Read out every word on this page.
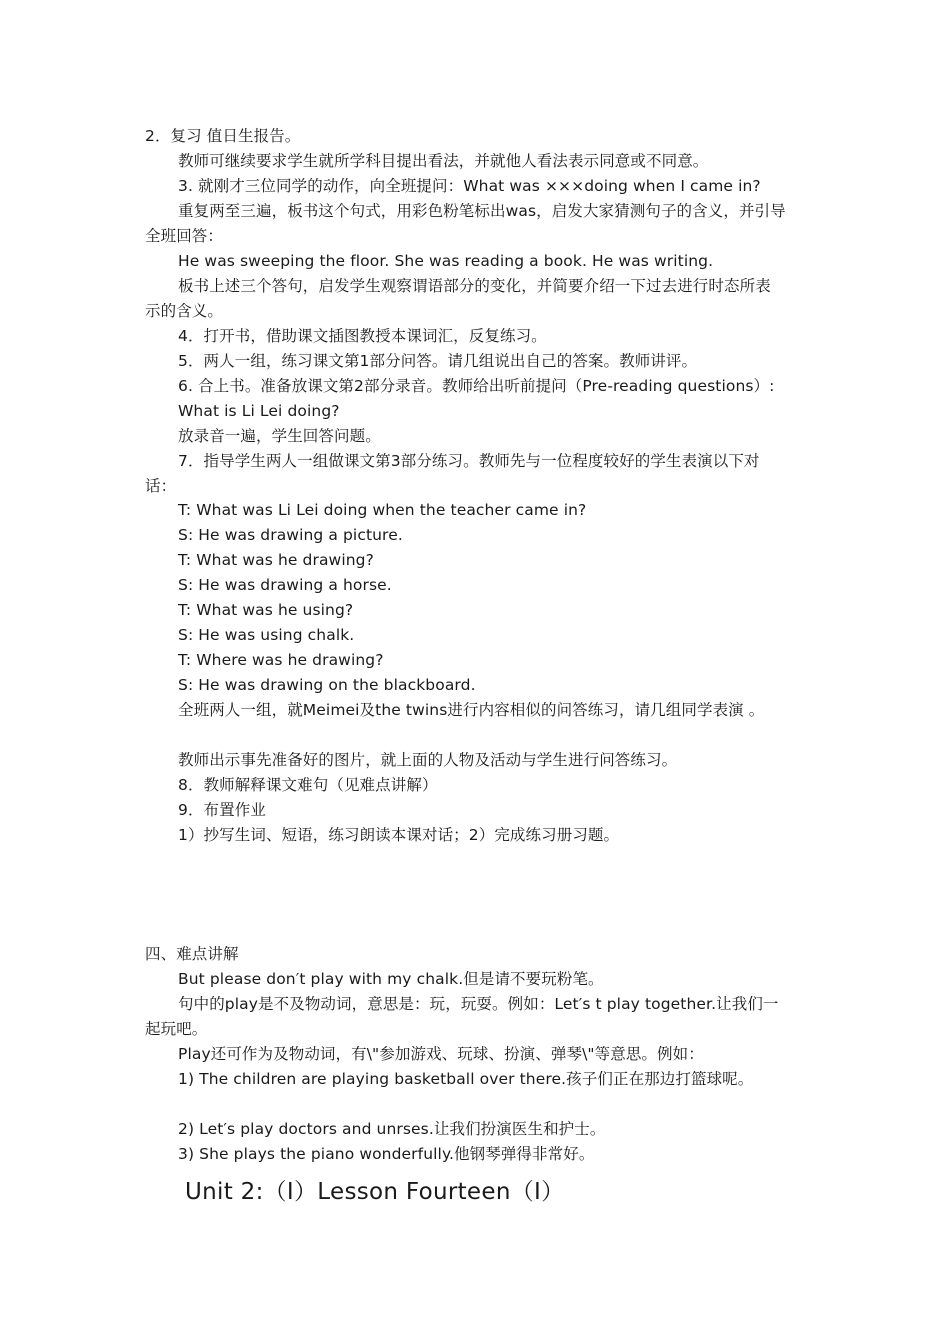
2．复习 值日生报告。
教师可继续要求学生就所学科目提出看法，并就他人看法表示同意或不同意。
3. 就刚才三位同学的动作，向全班提问：What was ×××doing when I came in?
重复两至三遍，板书这个句式，用彩色粉笔标出was，启发大家猜测句子的含义，并引导
全班回答：
He was sweeping the floor. She was reading a book. He was writing.
板书上述三个答句，启发学生观察谓语部分的变化，并简要介绍一下过去进行时态所表
示的含义。
4．打开书，借助课文插图教授本课词汇，反复练习。
5．两人一组，练习课文第1部分问答。请几组说出自己的答案。教师讲评。
6. 合上书。准备放课文第2部分录音。教师给出听前提问（Pre-reading questions）:
What is Li Lei doing?
放录音一遍，学生回答问题。
7．指导学生两人一组做课文第3部分练习。教师先与一位程度较好的学生表演以下对
话：
T: What was Li Lei doing when the teacher came in?
S: He was drawing a picture.
T: What was he drawing?
S: He was drawing a horse.
T: What was he using?
S: He was using chalk.
T: Where was he drawing?
S: He was drawing on the blackboard.
全班两人一组，就Meimei及the twins进行内容相似的问答练习，请几组同学表演 。
教师出示事先准备好的图片，就上面的人物及活动与学生进行问答练习。
8．教师解释课文难句（见难点讲解）
9．布置作业
1）抄写生词、短语，练习朗读本课对话；2）完成练习册习题。
四、难点讲解
But please don′t play with my chalk.但是请不要玩粉笔。
句中的play是不及物动词，意思是：玩，玩耍。例如：Let′s t play together.让我们一
起玩吧。
Play还可作为及物动词，有\"参加游戏、玩球、扮演、弹琴\"等意思。例如：
1) The children are playing basketball over there.孩子们正在那边打篮球呢。
2) Let′s play doctors and unrses.让我们扮演医生和护士。
3) She plays the piano wonderfully.他钢琴弹得非常好。
Unit 2:（Ⅰ）Lesson Fourteen（Ⅰ）
